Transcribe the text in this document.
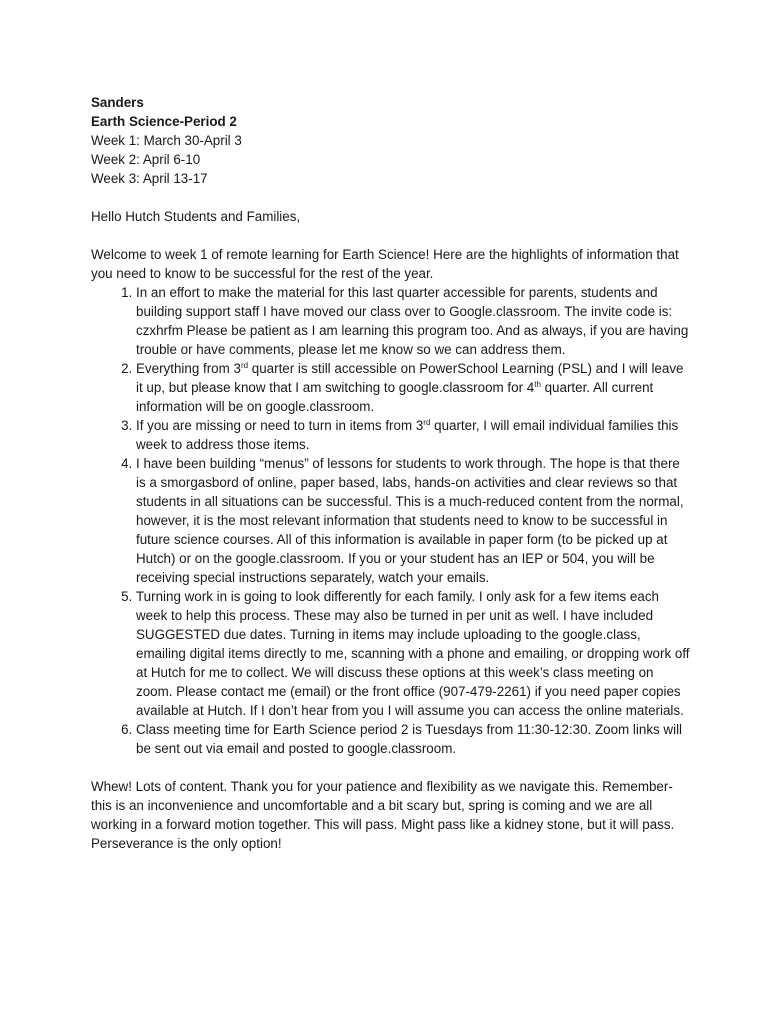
Sanders
Earth Science-Period 2
Week 1: March 30-April 3
Week 2: April 6-10
Week 3: April 13-17

Hello Hutch Students and Families,

Welcome to week 1 of remote learning for Earth Science! Here are the highlights of information that you need to know to be successful for the rest of the year.

1. In an effort to make the material for this last quarter accessible for parents, students and building support staff I have moved our class over to Google.classroom. The invite code is: czxhrfm Please be patient as I am learning this program too. And as always, if you are having trouble or have comments, please let me know so we can address them.
2. Everything from 3rd quarter is still accessible on PowerSchool Learning (PSL) and I will leave it up, but please know that I am switching to google.classroom for 4th quarter. All current information will be on google.classroom.
3. If you are missing or need to turn in items from 3rd quarter, I will email individual families this week to address those items.
4. I have been building “menus” of lessons for students to work through. The hope is that there is a smorgasbord of online, paper based, labs, hands-on activities and clear reviews so that students in all situations can be successful. This is a much-reduced content from the normal, however, it is the most relevant information that students need to know to be successful in future science courses. All of this information is available in paper form (to be picked up at Hutch) or on the google.classroom. If you or your student has an IEP or 504, you will be receiving special instructions separately, watch your emails.
5. Turning work in is going to look differently for each family. I only ask for a few items each week to help this process. These may also be turned in per unit as well. I have included SUGGESTED due dates. Turning in items may include uploading to the google.class, emailing digital items directly to me, scanning with a phone and emailing, or dropping work off at Hutch for me to collect. We will discuss these options at this week’s class meeting on zoom. Please contact me (email) or the front office (907-479-2261) if you need paper copies available at Hutch. If I don’t hear from you I will assume you can access the online materials.
6. Class meeting time for Earth Science period 2 is Tuesdays from 11:30-12:30. Zoom links will be sent out via email and posted to google.classroom.

Whew! Lots of content. Thank you for your patience and flexibility as we navigate this. Remember-this is an inconvenience and uncomfortable and a bit scary but, spring is coming and we are all working in a forward motion together. This will pass. Might pass like a kidney stone, but it will pass. Perseverance is the only option!
